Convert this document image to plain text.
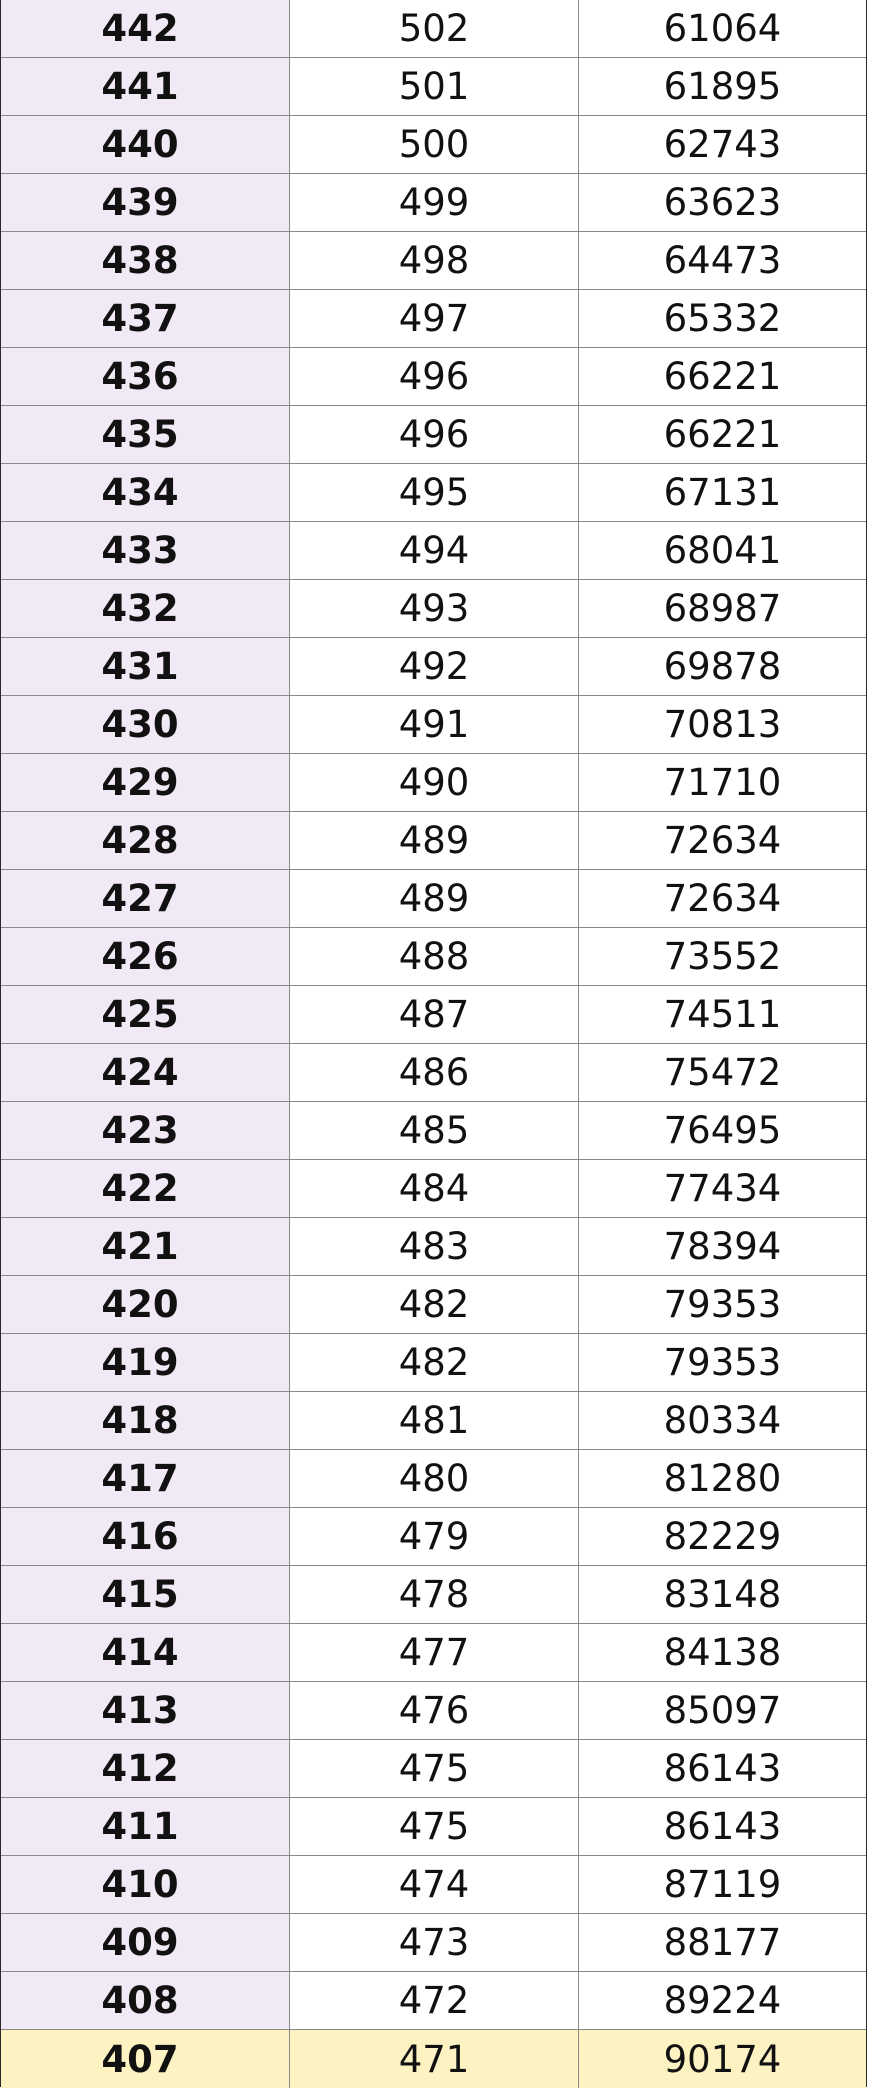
442	502	61064
441	501	61895
440	500	62743
439	499	63623
438	498	64473
437	497	65332
436	496	66221
435	496	66221
434	495	67131
433	494	68041
432	493	68987
431	492	69878
430	491	70813
429	490	71710
428	489	72634
427	489	72634
426	488	73552
425	487	74511
424	486	75472
423	485	76495
422	484	77434
421	483	78394
420	482	79353
419	482	79353
418	481	80334
417	480	81280
416	479	82229
415	478	83148
414	477	84138
413	476	85097
412	475	86143
411	475	86143
410	474	87119
409	473	88177
408	472	89224
407	471	90174
